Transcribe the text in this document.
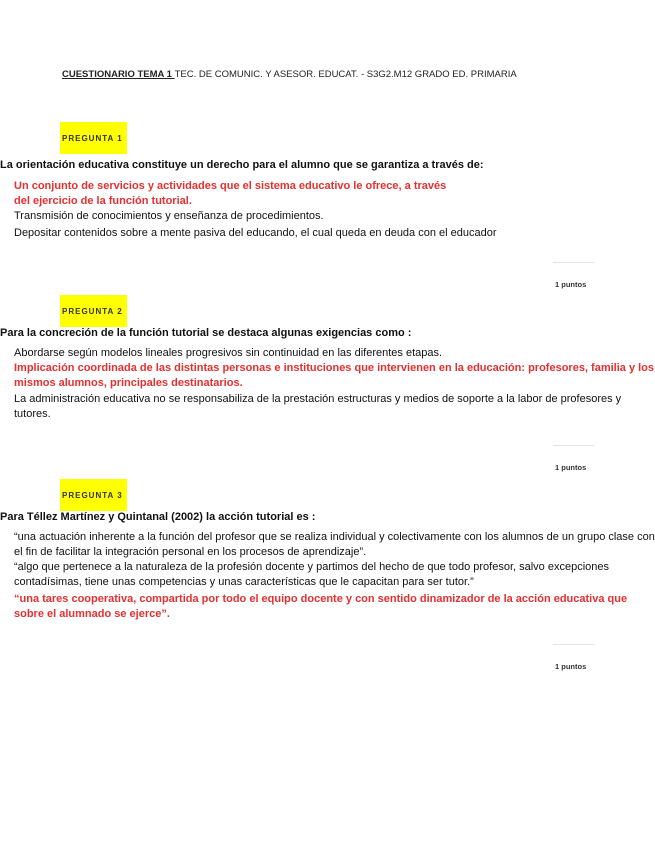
CUESTIONARIO TEMA 1 TEC. DE COMUNIC. Y ASESOR. EDUCAT. - S3G2.M12 GRADO ED. PRIMARIA
PREGUNTA 1
La orientación educativa constituye un derecho para el alumno que se garantiza a través de:
Un conjunto de servicios y actividades que el sistema educativo le ofrece, a través del ejercicio de la función tutorial.
Transmisión de conocimientos y enseñanza de procedimientos.
Depositar contenidos sobre a mente pasiva del educando, el cual queda en deuda con el educador
1 puntos
PREGUNTA 2
Para la concreción de la función tutorial se destaca algunas exigencias como :
Abordarse según modelos lineales progresivos sin continuidad en las diferentes etapas.
Implicación coordinada de las distintas personas e instituciones que intervienen en la educación: profesores, familia y los mismos alumnos, principales destinatarios.
La administración educativa no se responsabiliza de la prestación estructuras y medios de soporte a la labor de profesores y tutores.
1 puntos
PREGUNTA 3
Para Téllez Martínez y Quintanal (2002) la acción tutorial es :
“una actuación inherente a la función del profesor que se realiza individual y colectivamente con los alumnos de un grupo clase con el fin de facilitar la integración personal en los procesos de aprendizaje”.
“algo que pertenece a la naturaleza de la profesión docente y partimos del hecho de que todo profesor, salvo excepciones contadísimas, tiene unas competencias y unas características que le capacitan para ser tutor.”
“una tares cooperativa, compartida por todo el equipo docente y con sentido dinamizador de la acción educativa que sobre el alumnado se ejerce”.
1 puntos
